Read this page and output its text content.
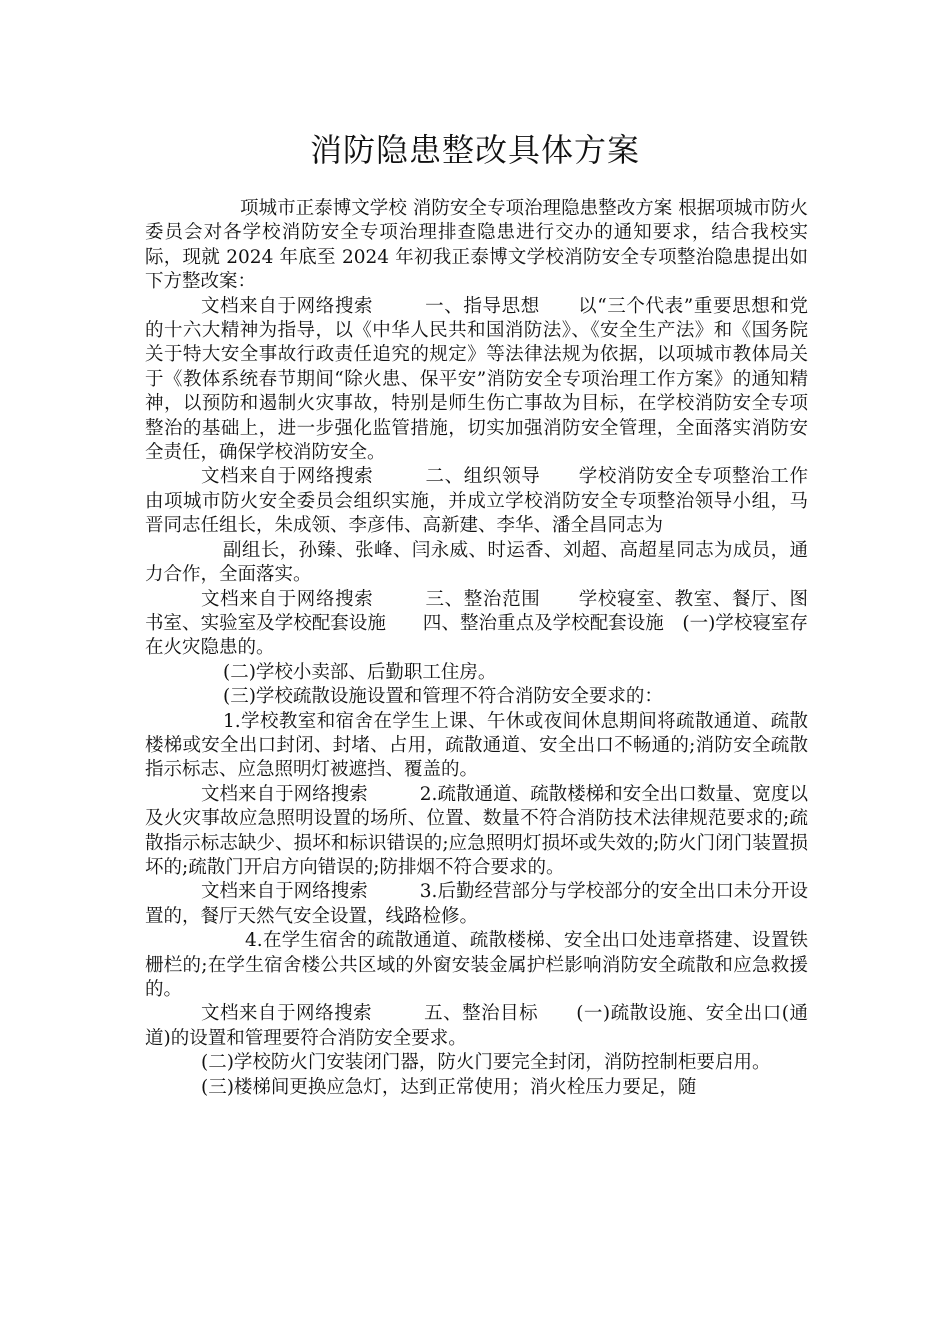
消防隐患整改具体方案

项城市正泰博文学校 消防安全专项治理隐患整改方案 根据项城市防火委员会对各学校消防安全专项治理排查隐患进行交办的通知要求，结合我校实际，现就 2024 年底至 2024 年初我正泰博文学校消防安全专项整治隐患提出如下方整改案：

文档来自于网络搜索	一、指导思想　　以“三个代表”重要思想和党的十六大精神为指导，以《中华人民共和国消防法》、《安全生产法》和《国务院关于特大安全事故行政责任追究的规定》等法律法规为依据，以项城市教体局关于《教体系统春节期间“除火患、保平安”消防安全专项治理工作方案》的通知精神，以预防和遏制火灾事故，特别是师生伤亡事故为目标，在学校消防安全专项整治的基础上，进一步强化监管措施，切实加强消防安全管理，全面落实消防安全责任，确保学校消防安全。

文档来自于网络搜索	二、组织领导　　学校消防安全专项整治工作由项城市防火安全委员会组织实施，并成立学校消防安全专项整治领导小组，马晋同志任组长，朱成领、李彦伟、高新建、李华、潘全昌同志为

副组长，孙臻、张峰、闫永威、时运香、刘超、高超星同志为成员，通力合作，全面落实。

文档来自于网络搜索	三、整治范围　　学校寝室、教室、餐厅、图书室、实验室及学校配套设施　　四、整治重点及学校配套设施　(一)学校寝室存在火灾隐患的。

(二)学校小卖部、后勤职工住房。

(三)学校疏散设施设置和管理不符合消防安全要求的：

1.学校教室和宿舍在学生上课、午休或夜间休息期间将疏散通道、疏散楼梯或安全出口封闭、封堵、占用，疏散通道、安全出口不畅通的;消防安全疏散指示标志、应急照明灯被遮挡、覆盖的。

文档来自于网络搜索	2.疏散通道、疏散楼梯和安全出口数量、宽度以及火灾事故应急照明设置的场所、位置、数量不符合消防技术法律规范要求的;疏散指示标志缺少、损坏和标识错误的;应急照明灯损坏或失效的;防火门闭门装置损坏的;疏散门开启方向错误的;防排烟不符合要求的。

文档来自于网络搜索	3.后勤经营部分与学校部分的安全出口未分开设置的，餐厅天然气安全设置，线路检修。

4.在学生宿舍的疏散通道、疏散楼梯、安全出口处违章搭建、设置铁栅栏的;在学生宿舍楼公共区域的外窗安装金属护栏影响消防安全疏散和应急救援的。

文档来自于网络搜索	五、整治目标　　(一)疏散设施、安全出口(通道)的设置和管理要符合消防安全要求。

(二)学校防火门安装闭门器，防火门要完全封闭，消防控制柜要启用。

(三)楼梯间更换应急灯，达到正常使用；消火栓压力要足，随
